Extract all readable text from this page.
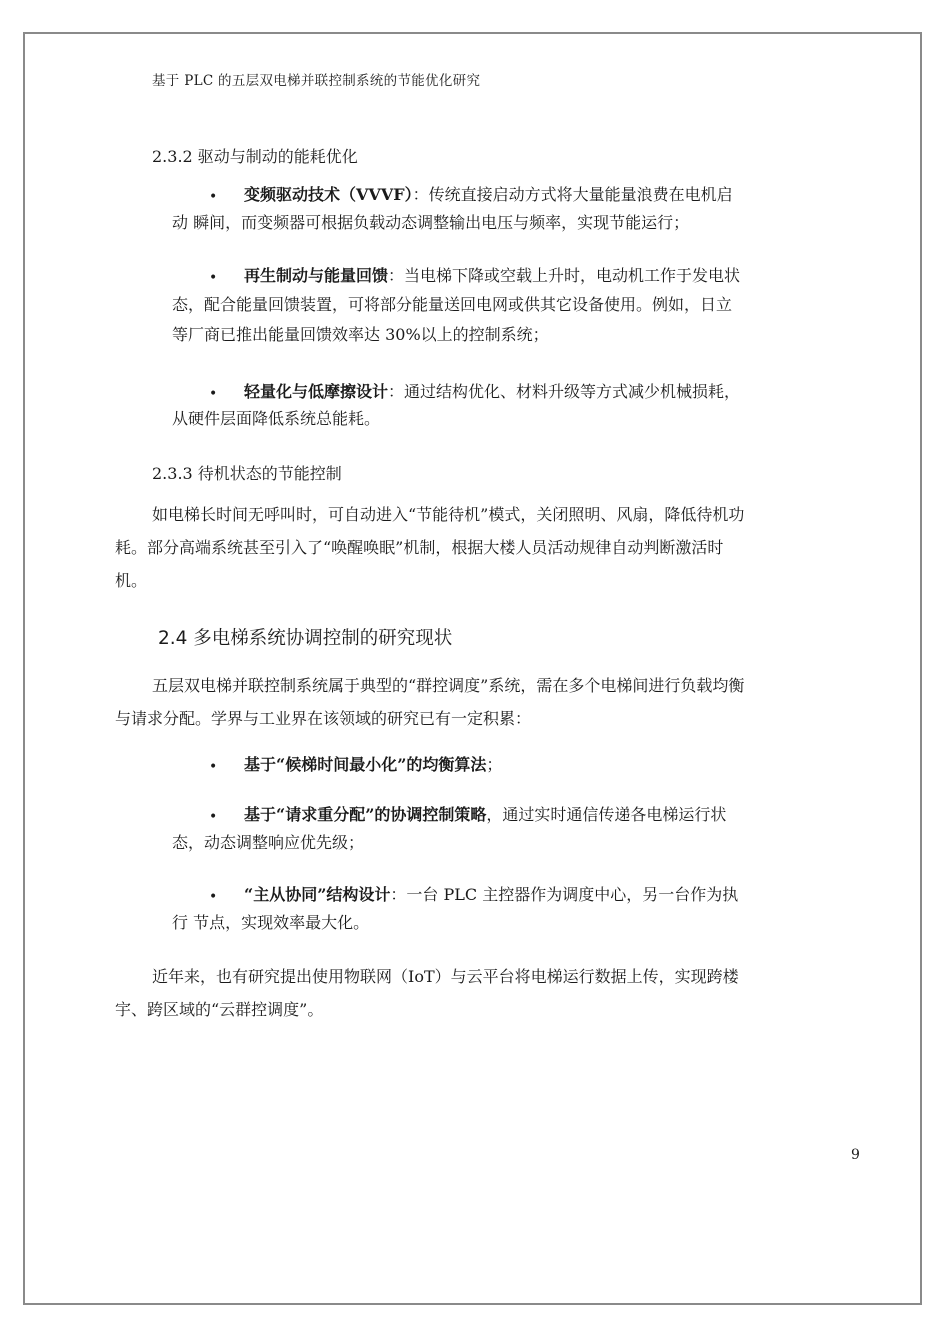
基于 PLC 的五层双电梯并联控制系统的节能优化研究
2.3.2 驱动与制动的能耗优化
• 变频驱动技术（VVVF）：传统直接启动方式将大量能量浪费在电机启
动 瞬间，而变频器可根据负载动态调整输出电压与频率，实现节能运行；
• 再生制动与能量回馈：当电梯下降或空载上升时，电动机工作于发电状
态，配合能量回馈装置，可将部分能量送回电网或供其它设备使用。例如，日立
等厂商已推出能量回馈效率达 30%以上的控制系统；
• 轻量化与低摩擦设计：通过结构优化、材料升级等方式减少机械损耗，
从硬件层面降低系统总能耗。
2.3.3 待机状态的节能控制
如电梯长时间无呼叫时，可自动进入“节能待机”模式，关闭照明、风扇，降低待机功
耗。部分高端系统甚至引入了“唤醒唤眠”机制，根据大楼人员活动规律自动判断激活时
机。
2.4 多电梯系统协调控制的研究现状
五层双电梯并联控制系统属于典型的“群控调度”系统，需在多个电梯间进行负载均衡
与请求分配。学界与工业界在该领域的研究已有一定积累：
• 基于“候梯时间最小化”的均衡算法；
• 基于“请求重分配”的协调控制策略，通过实时通信传递各电梯运行状
态，动态调整响应优先级；
• “主从协同”结构设计：一台 PLC 主控器作为调度中心，另一台作为执
行 节点，实现效率最大化。
近年来，也有研究提出使用物联网（IoT）与云平台将电梯运行数据上传，实现跨楼
宇、跨区域的“云群控调度”。
9
